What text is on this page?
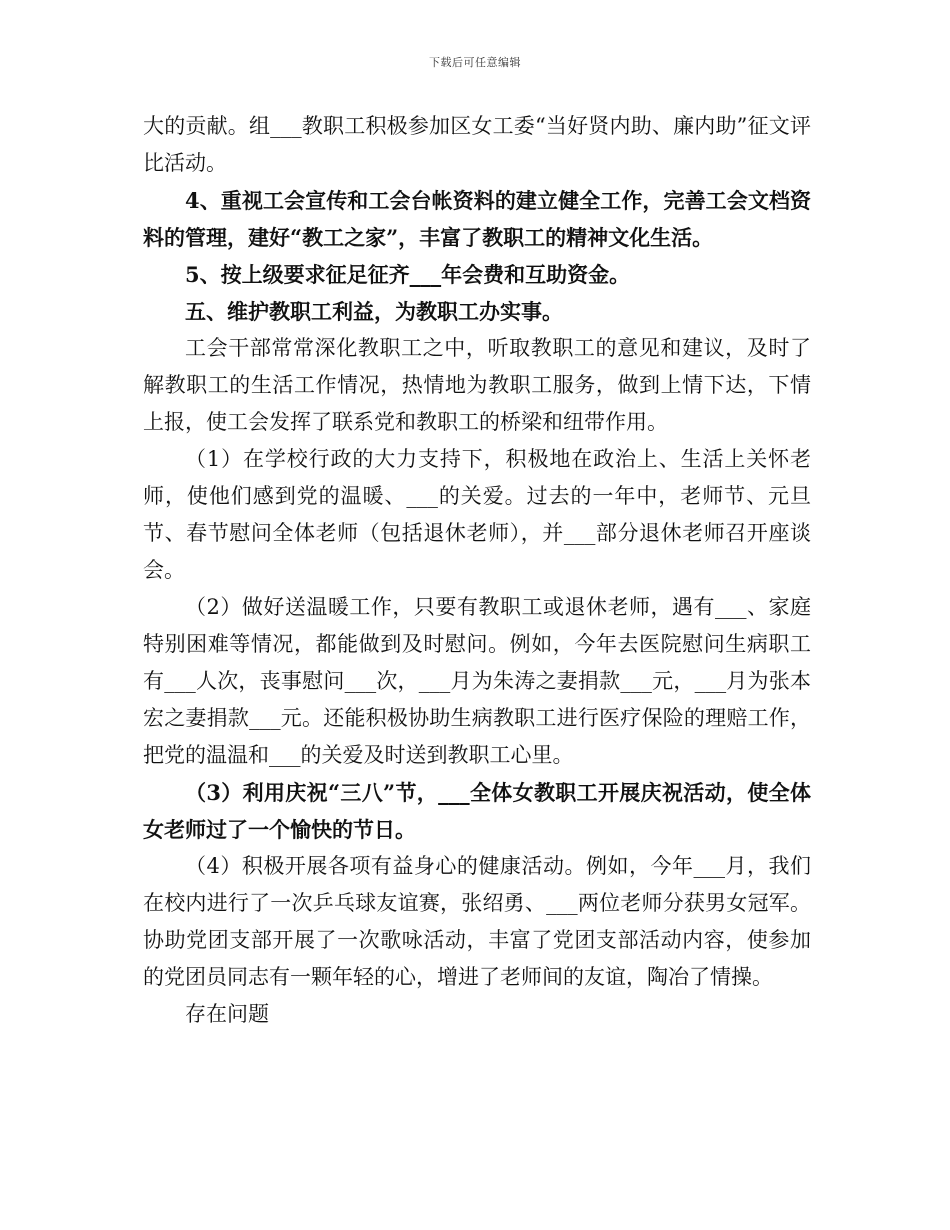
下载后可任意编辑

大的贡献。组___教职工积极参加区女工委“当好贤内助、廉内助”征文评比活动。

4、重视工会宣传和工会台帐资料的建立健全工作，完善工会文档资料的管理，建好“教工之家”，丰富了教职工的精神文化生活。

5、按上级要求征足征齐___年会费和互助资金。

五、维护教职工利益，为教职工办实事。

工会干部常常深化教职工之中，听取教职工的意见和建议，及时了解教职工的生活工作情况，热情地为教职工服务，做到上情下达，下情上报，使工会发挥了联系党和教职工的桥梁和纽带作用。

（1）在学校行政的大力支持下，积极地在政治上、生活上关怀老师，使他们感到党的温暖、___的关爱。过去的一年中，老师节、元旦节、春节慰问全体老师（包括退休老师），并___部分退休老师召开座谈会。

（2）做好送温暖工作，只要有教职工或退休老师，遇有___、家庭特别困难等情况，都能做到及时慰问。例如，今年去医院慰问生病职工有___人次，丧事慰问___次，___月为朱涛之妻捐款___元，___月为张本宏之妻捐款___元。还能积极协助生病教职工进行医疗保险的理赔工作，把党的温温和___的关爱及时送到教职工心里。

（3）利用庆祝“三八”节，___全体女教职工开展庆祝活动，使全体女老师过了一个愉快的节日。

（4）积极开展各项有益身心的健康活动。例如，今年___月，我们在校内进行了一次乒乓球友谊赛，张绍勇、___两位老师分获男女冠军。协助党团支部开展了一次歌咏活动，丰富了党团支部活动内容，使参加的党团员同志有一颗年轻的心，增进了老师间的友谊，陶冶了情操。

存在问题
